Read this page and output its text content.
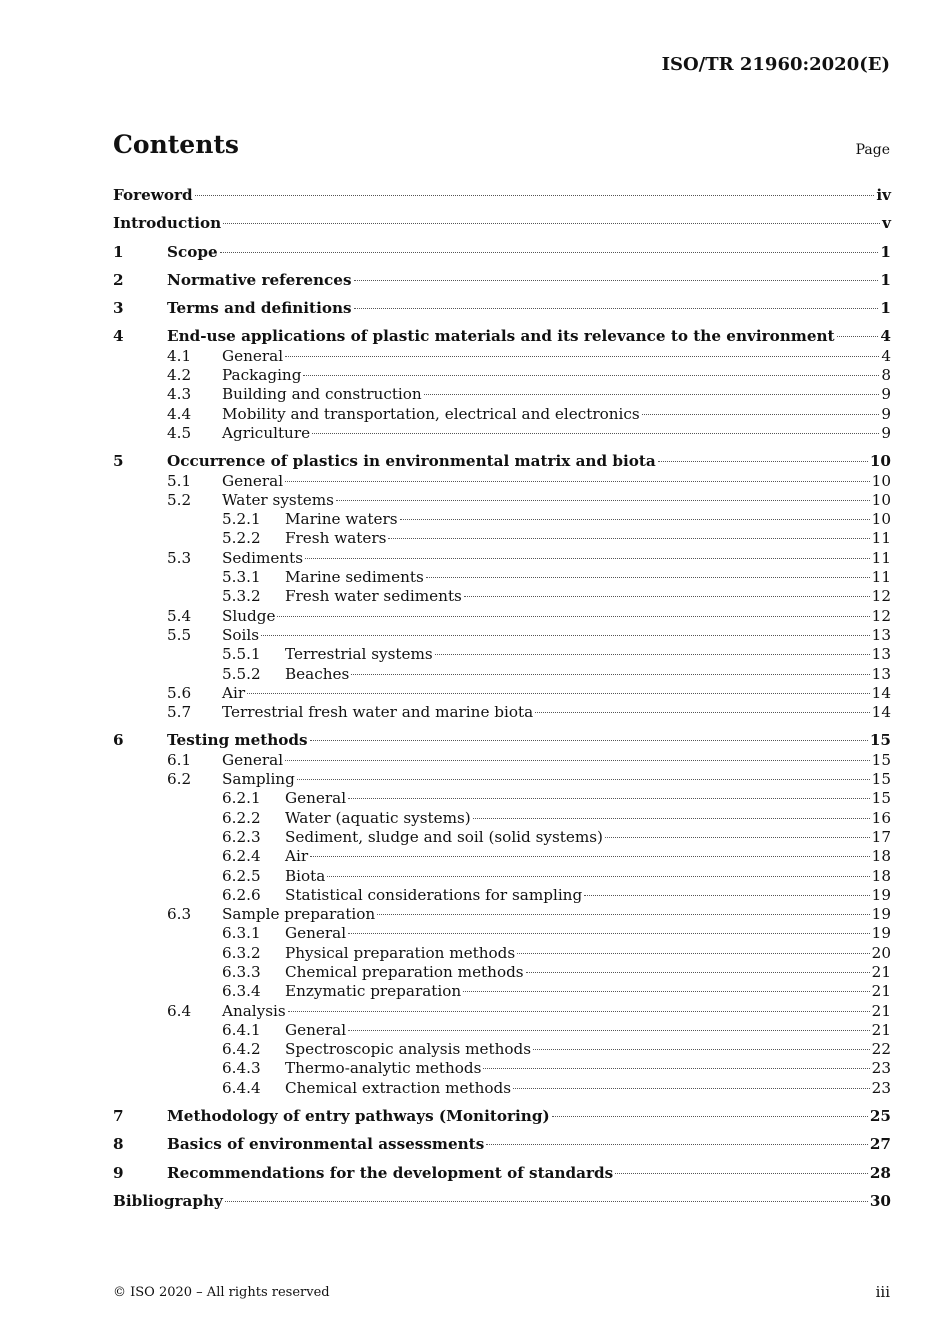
ISO/TR 21960:2020(E)
Contents	Page
Foreword	iv
Introduction	v
1	Scope	1
2	Normative references	1
3	Terms and definitions	1
4	End-use applications of plastic materials and its relevance to the environment	4
4.1	General	4
4.2	Packaging	8
4.3	Building and construction	9
4.4	Mobility and transportation, electrical and electronics	9
4.5	Agriculture	9
5	Occurrence of plastics in environmental matrix and biota	10
5.1	General	10
5.2	Water systems	10
5.2.1	Marine waters	10
5.2.2	Fresh waters	11
5.3	Sediments	11
5.3.1	Marine sediments	11
5.3.2	Fresh water sediments	12
5.4	Sludge	12
5.5	Soils	13
5.5.1	Terrestrial systems	13
5.5.2	Beaches	13
5.6	Air	14
5.7	Terrestrial fresh water and marine biota	14
6	Testing methods	15
6.1	General	15
6.2	Sampling	15
6.2.1	General	15
6.2.2	Water (aquatic systems)	16
6.2.3	Sediment, sludge and soil (solid systems)	17
6.2.4	Air	18
6.2.5	Biota	18
6.2.6	Statistical considerations for sampling	19
6.3	Sample preparation	19
6.3.1	General	19
6.3.2	Physical preparation methods	20
6.3.3	Chemical preparation methods	21
6.3.4	Enzymatic preparation	21
6.4	Analysis	21
6.4.1	General	21
6.4.2	Spectroscopic analysis methods	22
6.4.3	Thermo-analytic methods	23
6.4.4	Chemical extraction methods	23
7	Methodology of entry pathways (Monitoring)	25
8	Basics of environmental assessments	27
9	Recommendations for the development of standards	28
Bibliography	30
© ISO 2020 – All rights reserved	iii
